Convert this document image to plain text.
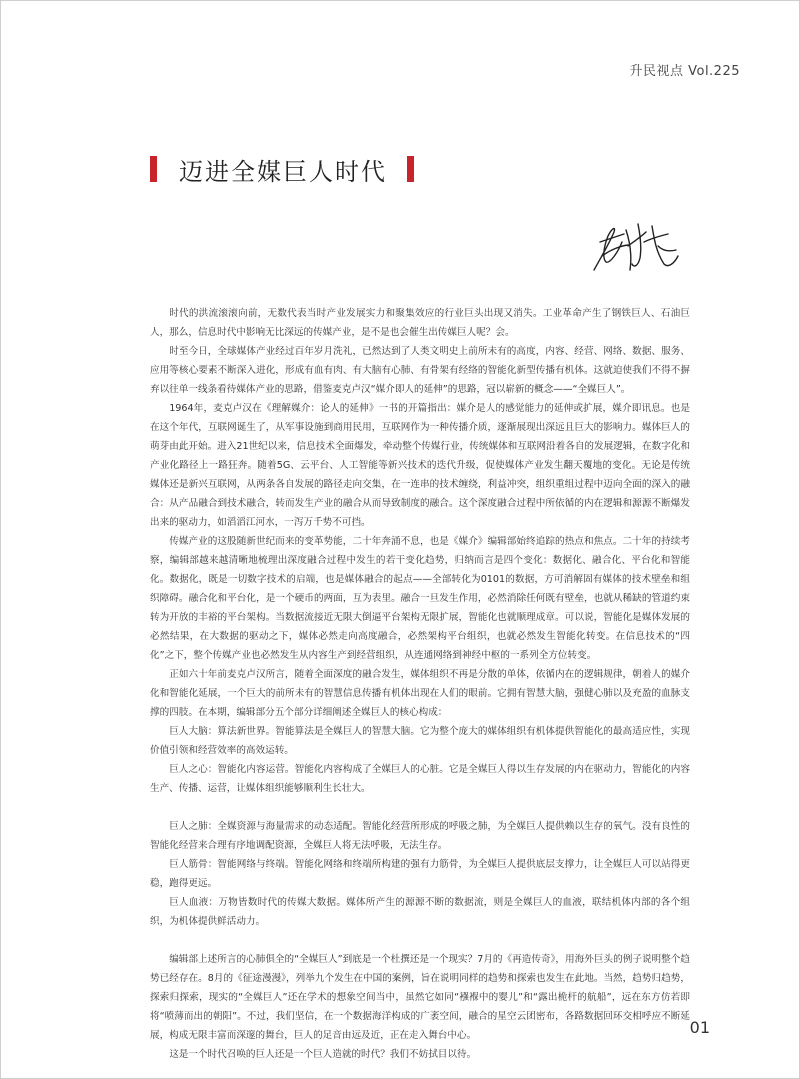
升民视点 Vol.225
迈进全媒巨人时代

时代的洪流滚滚向前，无数代表当时产业发展实力和聚集效应的行业巨头出现又消失。工业革命产生了钢铁巨人、石油巨人，那么，信息时代中影响无比深远的传媒产业，是不是也会催生出传媒巨人呢？会。

时至今日，全球媒体产业经过百年岁月洗礼，已然达到了人类文明史上前所未有的高度，内容、经营、网络、数据、服务、应用等核心要素不断深入进化，形成有血有肉、有大脑有心肺、有骨架有经络的智能化新型传播有机体。这就迫使我们不得不摒弃以往单一线条看待媒体产业的思路，借鉴麦克卢汉“媒介即人的延伸”的思路，冠以崭新的概念——“全媒巨人”。

1964年，麦克卢汉在《理解媒介：论人的延伸》一书的开篇指出：媒介是人的感觉能力的延伸或扩展，媒介即讯息。也是在这个年代，互联网诞生了，从军事设施到商用民用，互联网作为一种传播介质，逐渐展现出深远且巨大的影响力。媒体巨人的萌芽由此开始。进入21世纪以来，信息技术全面爆发，牵动整个传媒行业，传统媒体和互联网沿着各自的发展逻辑，在数字化和产业化路径上一路狂奔。随着5G、云平台、人工智能等新兴技术的迭代升级，促使媒体产业发生翻天覆地的变化。无论是传统媒体还是新兴互联网，从两条各自发展的路径走向交集，在一连串的技术缠绕，利益冲突，组织重组过程中迈向全面的深入的融合：从产品融合到技术融合，转而发生产业的融合从而导致制度的融合。这个深度融合过程中所依循的内在逻辑和源源不断爆发出来的驱动力，如滔滔江河水，一泻万千势不可挡。

传媒产业的这股随新世纪而来的变革势能，二十年奔涌不息，也是《媒介》编辑部始终追踪的热点和焦点。二十年的持续考察，编辑部越来越清晰地梳理出深度融合过程中发生的若干变化趋势，归纳而言是四个变化：数据化、融合化、平台化和智能化。数据化，既是一切数字技术的启端，也是媒体融合的起点——全部转化为0101的数据，方可消解固有媒体的技术壁垒和组织障碍。融合化和平台化，是一个硬币的两面，互为表里。融合一旦发生作用，必然消除任何既有壁垒，也就从稀缺的管道约束转为开放的丰裕的平台架构。当数据流接近无限大倒逼平台架构无限扩展，智能化也就顺理成章。可以说，智能化是媒体发展的必然结果，在大数据的驱动之下，媒体必然走向高度融合，必然架构平台组织，也就必然发生智能化转变。在信息技术的“四化”之下，整个传媒产业也必然发生从内容生产到经营组织，从连通网络到神经中枢的一系列全方位转变。

正如六十年前麦克卢汉所言，随着全面深度的融合发生，媒体组织不再是分散的单体，依循内在的逻辑规律，朝着人的媒介化和智能化延展，一个巨大的前所未有的智慧信息传播有机体出现在人们的眼前。它拥有智慧大脑，强健心肺以及充盈的血脉支撑的四肢。在本期，编辑部分五个部分详细阐述全媒巨人的核心构成：

巨人大脑：算法新世界。智能算法是全媒巨人的智慧大脑。它为整个庞大的媒体组织有机体提供智能化的最高适应性，实现价值引领和经营效率的高效运转。

巨人之心：智能化内容运营。智能化内容构成了全媒巨人的心脏。它是全媒巨人得以生存发展的内在驱动力，智能化的内容生产、传播、运营，让媒体组织能够顺利生长壮大。

巨人之肺：全媒资源与海量需求的动态适配。智能化经营所形成的呼吸之肺，为全媒巨人提供赖以生存的氧气。没有良性的智能化经营来合理有序地调配资源，全媒巨人将无法呼吸，无法生存。

巨人筋骨：智能网络与终端。智能化网络和终端所构建的强有力筋骨，为全媒巨人提供底层支撑力，让全媒巨人可以站得更稳，跑得更远。

巨人血液：万物皆数时代的传媒大数据。媒体所产生的源源不断的数据流，则是全媒巨人的血液，联结机体内部的各个组织，为机体提供鲜活动力。

编辑部上述所言的心肺俱全的“全媒巨人”到底是一个杜撰还是一个现实？7月的《再造传奇》，用海外巨头的例子说明整个趋势已经存在。8月的《征途漫漫》，列举九个发生在中国的案例，旨在说明同样的趋势和探索也发生在此地。当然，趋势归趋势，探索归探索，现实的“全媒巨人”还在学术的想象空间当中，虽然它如同“襁褓中的婴儿”和“露出桅杆的航船”，远在东方仿若即将“喷薄而出的朝阳”。不过，我们坚信，在一个数据海洋构成的广袤空间，融合的星空云团密布，各路数据回环交相呼应不断延展，构成无限丰富而深邃的舞台，巨人的足音由远及近，正在走入舞台中心。

这是一个时代召唤的巨人还是一个巨人造就的时代？我们不妨拭目以待。

01
